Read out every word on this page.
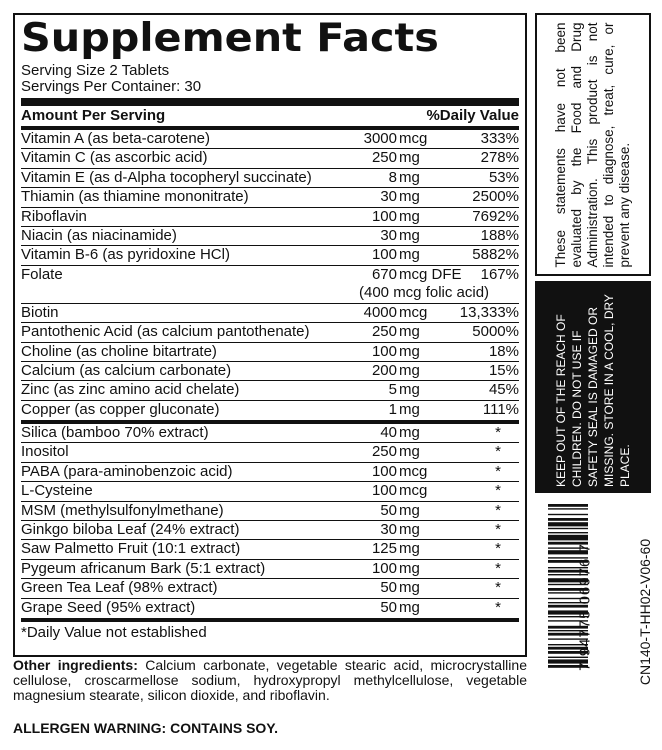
Supplement Facts
Serving Size 2 Tablets
Servings Per Container: 30
Amount Per Serving	%Daily Value
Vitamin A (as beta-carotene)	3000 mcg	333%
Vitamin C (as ascorbic acid)	250 mg	278%
Vitamin E (as d-Alpha tocopheryl succinate)	8 mg	53%
Thiamin (as thiamine mononitrate)	30 mg	2500%
Riboflavin	100 mg	7692%
Niacin (as niacinamide)	30 mg	188%
Vitamin B-6 (as pyridoxine HCl)	100 mg	5882%
Folate	670 mcg DFE	167%
(400 mcg folic acid)
Biotin	4000 mcg	13,333%
Pantothenic Acid (as calcium pantothenate)	250 mg	5000%
Choline (as choline bitartrate)	100 mg	18%
Calcium (as calcium carbonate)	200 mg	15%
Zinc (as zinc amino acid chelate)	5 mg	45%
Copper (as copper gluconate)	1 mg	111%
Silica (bamboo 70% extract)	40 mg	*
Inositol	250 mg	*
PABA (para-aminobenzoic acid)	100 mcg	*
L-Cysteine	100 mcg	*
MSM (methylsulfonylmethane)	50 mg	*
Ginkgo biloba Leaf (24% extract)	30 mg	*
Saw Palmetto Fruit (10:1 extract)	125 mg	*
Pygeum africanum Bark (5:1 extract)	100 mg	*
Green Tea Leaf (98% extract)	50 mg	*
Grape Seed (95% extract)	50 mg	*
*Daily Value not established
Other ingredients: Calcium carbonate, vegetable stearic acid, microcrystalline cellulose, croscarmellose sodium, hydroxypropyl methylcellulose, vegetable magnesium stearate, silicon dioxide, and riboflavin.
ALLERGEN WARNING: CONTAINS SOY.
These statements have not been evaluated by the Food and Drug Administration. This product is not intended to diagnose, treat, cure, or prevent any disease.
KEEP OUT OF THE REACH OF CHILDREN. DO NOT USE IF SAFETY SEAL IS DAMAGED OR MISSING. STORE IN A COOL, DRY PLACE.
7 94775 06976 7	CN140-T-HH02-V06-60
